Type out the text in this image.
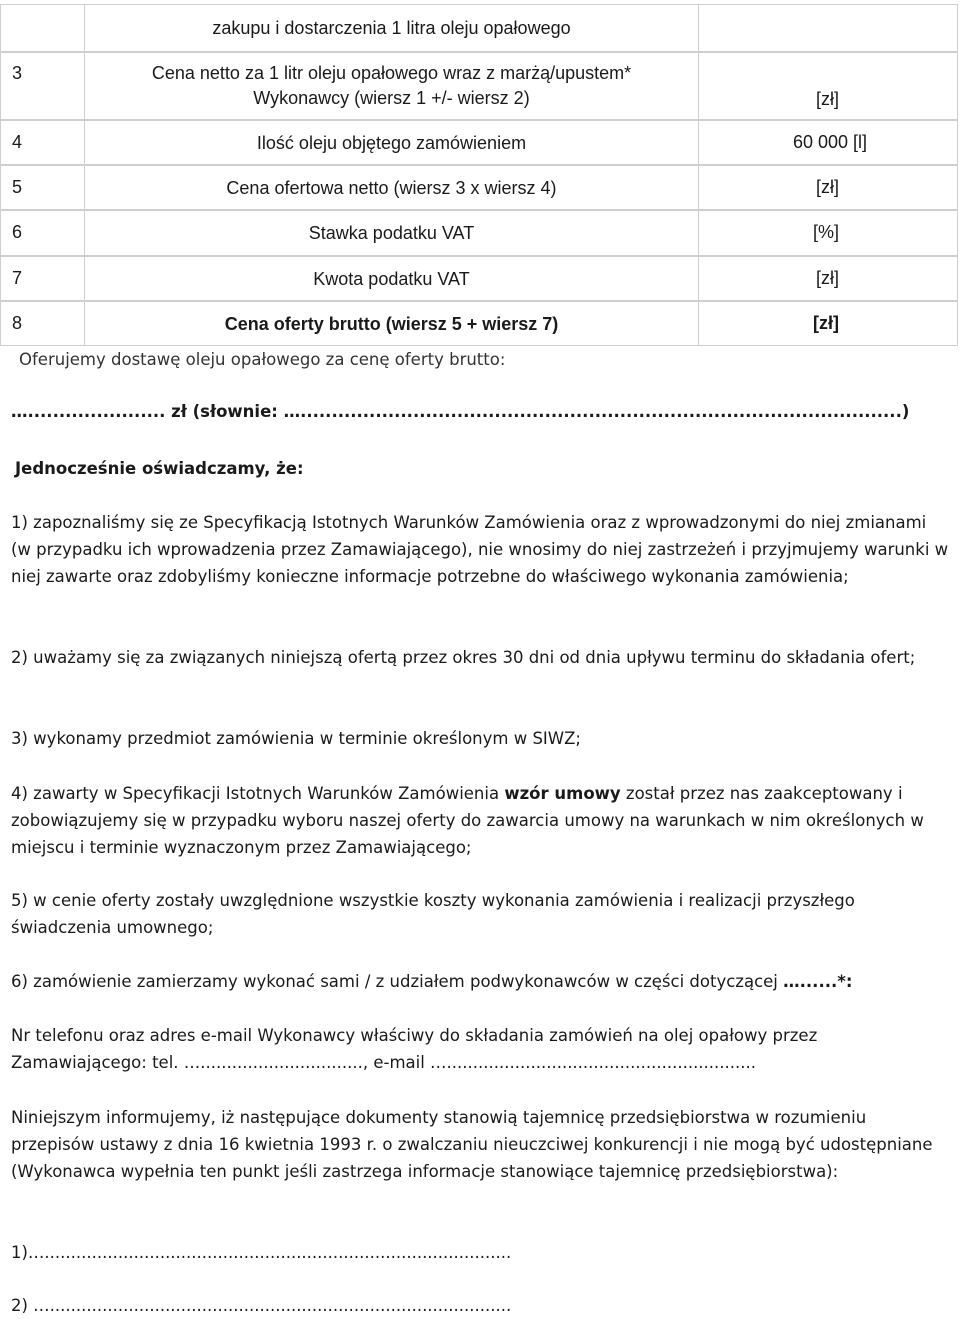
zakupu i dostarczenia 1 litra oleju opałowego
3	Cena netto za 1 litr oleju opałowego wraz z marżą/upustem*
Wykonawcy (wiersz 1 +/- wiersz 2)	[zł]
4	Ilość oleju objętego zamówieniem	60 000 [l]
5	Cena ofertowa netto (wiersz 3 x wiersz 4)	[zł]
6	Stawka podatku VAT	[%]
7	Kwota podatku VAT	[zł]
8	Cena oferty brutto (wiersz 5 + wiersz 7)	[zł]

Oferujemy dostawę oleju opałowego za cenę oferty brutto:

…...................... zł (słownie: …................................................................................................)

Jednocześnie oświadczamy, że:

1) zapoznaliśmy się ze Specyfikacją Istotnych Warunków Zamówienia oraz z wprowadzonymi do niej zmianami (w przypadku ich wprowadzenia przez Zamawiającego), nie wnosimy do niej zastrzeżeń i przyjmujemy warunki w niej zawarte oraz zdobyliśmy konieczne informacje potrzebne do właściwego wykonania zamówienia;

2) uważamy się za związanych niniejszą ofertą przez okres 30 dni od dnia upływu terminu do składania ofert;

3) wykonamy przedmiot zamówienia w terminie określonym w SIWZ;

4) zawarty w Specyfikacji Istotnych Warunków Zamówienia wzór umowy został przez nas zaakceptowany i zobowiązujemy się w przypadku wyboru naszej oferty do zawarcia umowy na warunkach w nim określonych w miejscu i terminie wyznaczonym przez Zamawiającego;

5) w cenie oferty zostały uwzględnione wszystkie koszty wykonania zamówienia i realizacji przyszłego świadczenia umownego;

6) zamówienie zamierzamy wykonać sami / z udziałem podwykonawców w części dotyczącej …......*:

Nr telefonu oraz adres e-mail Wykonawcy właściwy do składania zamówień na olej opałowy przez Zamawiającego: tel. …..............................., e-mail …...........................................................

Niniejszym informujemy, iż następujące dokumenty stanowią tajemnicę przedsiębiorstwa w rozumieniu przepisów ustawy z dnia 16 kwietnia 1993 r. o zwalczaniu nieuczciwej konkurencji i nie mogą być udostępniane (Wykonawca wypełnia ten punkt jeśli zastrzega informacje stanowiące tajemnicę przedsiębiorstwa):

1)….........................................................................................

2) …........................................................................................
